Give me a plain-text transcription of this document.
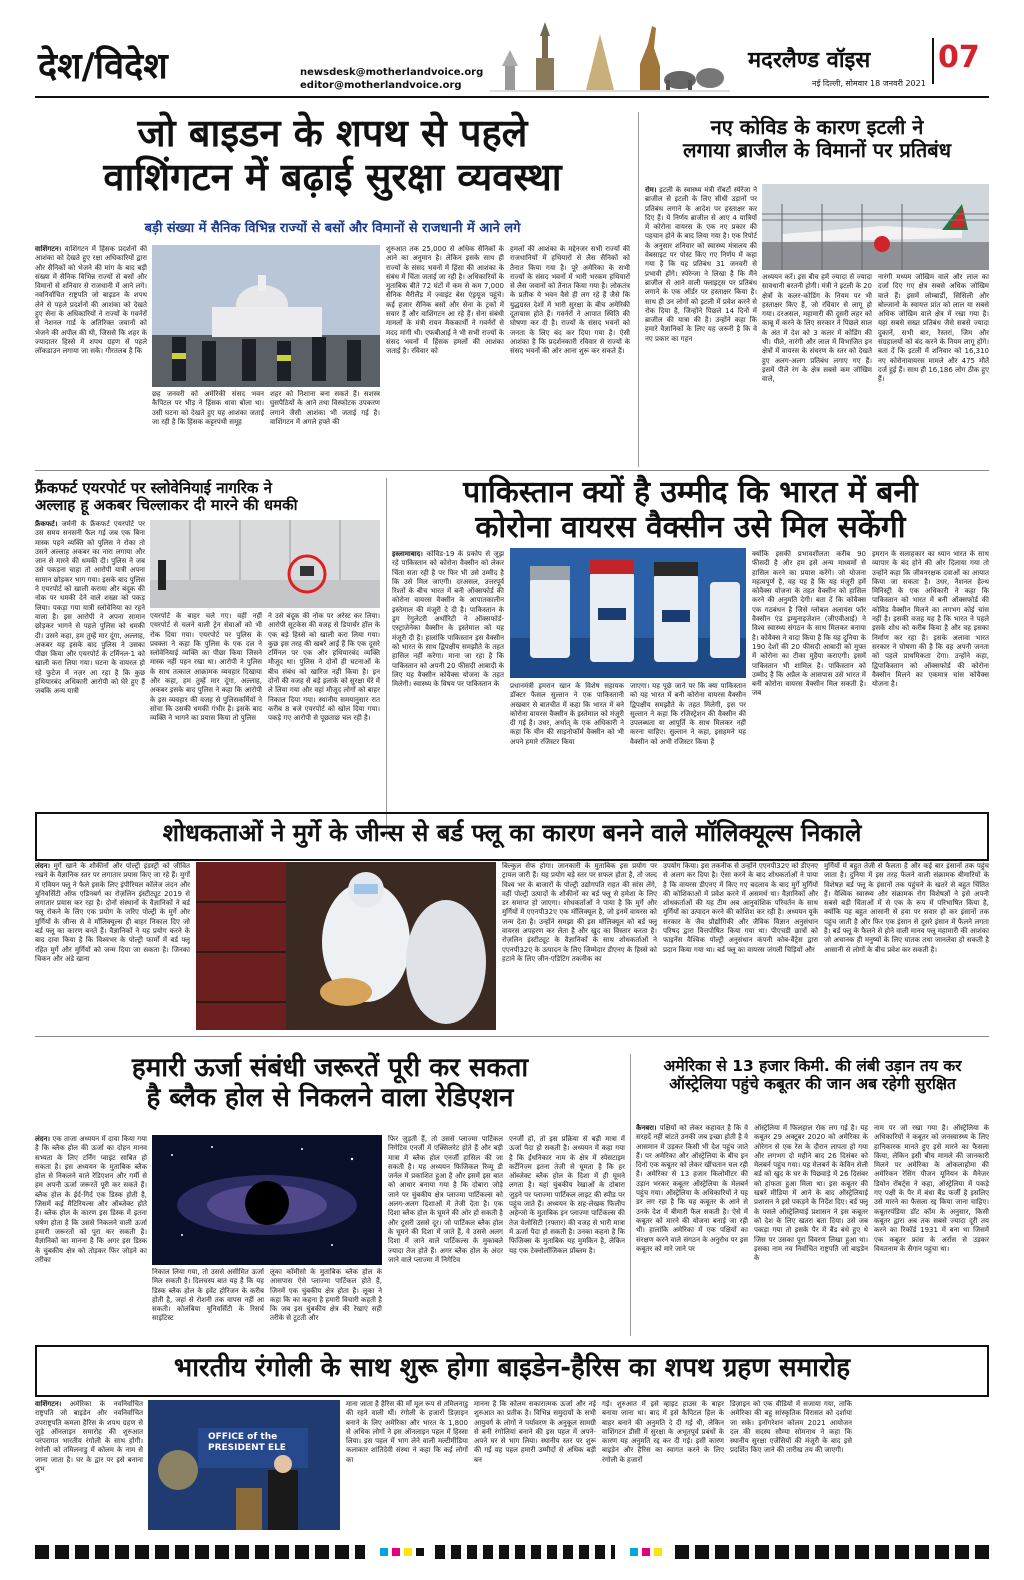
देश/विदेश	newsdesk@motherlandvoice.org
editor@motherlandvoice.org
मदरलैण्ड वॉइस 07
नई दिल्ली, सोमवार 18 जनवरी 2021
जो बाइडन के शपथ से पहले
वाशिंगटन में बढ़ाई सुरक्षा व्यवस्था
बड़ी संख्या में सैनिक विभिन्न राज्यों से बसों और विमानों से राजधानी में आने लगे
वाशिंगटन। वाशिंगटन में हिंसक प्रदर्शनों की आशंका को देखते हुए रक्षा अधिकारियों द्वारा और सैनिकों को भेजने की मांग के बाद बड़ी संख्या में सैनिक विभिन्न राज्यों से बसों और विमानों से शनिवार से राजधानी में आने लगे। नवनिर्वाचित राष्ट्रपति जो बाइडन के शपथ लेने से पहले प्रदर्शनों की आशंका को देखते हुए सेना के अधिकारियों ने राज्यों के गवर्नरों से नेशनल गार्ड के अतिरिक्त जवानों को भेजने की अपील की थी, जिससे कि शहर के ज्यादातर हिस्से में शपथ ग्रहण से पहले लॉकडाउन लगाया जा सके। गौरतलब है कि
छह जनवरी को अमेरिकी संसद भवन कैपिटल पर भीड़ ने हिंसक धावा बोला था। उसी घटना को देखते हुए यह आशंका जताई जा रही है कि हिंसक कट्टरपंथी समूह
शहर को निशाना बना सकते हैं। सशस्त्र घुसपैठियों के आने तथा विस्फोटक उपकरण लगाने जैसी आशंका भी जताई गई है। वाशिंगटन में अगले हफ्ते की
शुरुआत तक 25,000 से अधिक सैनिकों के आने का अनुमान है। लेकिन इसके साथ ही राज्यों के संसद भवनों में हिंसा की आशंका के संबंध में चिंता जताई जा रही है। अधिकारियों के मुताबिक बीते 72 घंटों में कम से कम 7,000 सैनिक मैरीलैंड में ज्वाइंट बेस एंड्रयूज पहुंचे। कई हजार सैनिक बसों और सेना के ट्रकों में सवार हैं और वाशिंगटन आ रहे हैं। सेना संबंधी मामलों के मंत्री रायन मैककार्थी ने गवर्नरों से मदद मांगी थी। एफबीआई ने भी सभी राज्यों के संसद भवनों में हिंसक हमलों की आशंका जताई है। रविवार को
हमलों की आशंका के मद्देनजर सभी राज्यों की राजधानियों में हथियारों से लैस सैनिकों को तैनात किया गया है। पूरे अमेरिका के सभी राज्यों के संसद भवनों में भारी भरकम हथियारों से लैस जवानों को तैनात किया गया है। लोकतंत्र के प्रतीक ये भवन वैसे ही लग रहे हैं जैसे कि युद्धग्रस्त देशों में भारी सुरक्षा के बीच अमेरिकी दूतावास होते हैं। गवर्नरों ने आपात स्थिति की घोषणा कर दी है। राज्यों के संसद भवनों को जनता के लिए बंद कर दिया गया है। ऐसी आशंका है कि प्रदर्शनकारी रविवार से राज्यों के संसद भवनों की ओर आना शुरू कर सकते हैं।
नए कोविड के कारण इटली ने
लगाया ब्राजील के विमानों पर प्रतिबंध
रोम। इटली के स्वास्थ्य मंत्री रॉबर्टो स्पेरेंजा ने ब्राजील से इटली के लिए सीधी उड़ानों पर प्रतिबंध लगाने के आदेश पर हस्ताक्षर कर दिए हैं। ये निर्णय ब्राजील से आए 4 यात्रियों में कोरोना वायरस के एक नए प्रकार की पहचान होने के बाद लिया गया है। एक रिपोर्ट के अनुसार शनिवार को स्वास्थ्य मंत्रालय की वेबसाइट पर पोस्ट किए गए निर्णय में कहा गया है कि यह प्रतिबंध 31 जनवरी से प्रभावी होंगे। स्पेरेन्जा ने लिखा है कि मैंने ब्राजील से आने वाली फ्लाइट्स पर प्रतिबंध लगाने के एक ऑर्डर पर हस्ताक्षर किया है। साथ ही उन लोगों को इटली में प्रवेश करने से रोक दिया है, जिन्होंने पिछले 14 दिनों में ब्राजील की यात्रा की है। उन्होंने कहा कि हमारे वैज्ञानिकों के लिए यह जरूरी है कि वे नए प्रकार का गहन
अध्ययन करें। इस बीच हमें ज्यादा से ज्यादा सावधानी बरतनी होगी। मंत्री ने इटली के 20 क्षेत्रों के कलर-कोडिंग के नियम पर भी हस्ताक्षर किए हैं, जो रविवार से लागू हो गया। दरअसल, महामारी की दूसरी लहर को काबू में करने के लिए सरकार ने पिछले साल के अंत में देश को 3 कलर में कोडिंग की थी। पीले, नारंगी और लाल में विभाजित इन क्षेत्रों में वायरस के संचरण के स्तर को देखते हुए अलग-अलग प्रतिबंध लगाए गए हैं। इसमें पीले रंग के क्षेत्र सबसे कम जोखिम वाले,
नारंगी मध्यम जोखिम वाले और लाल का दर्जा दिए गए क्षेत्र सबसे अधिक जोखिम वाले हैं। इसमें लोम्बार्डी, सिसिली और बोल्जानो के स्वायत्त प्रांत को लाल या सबसे अधिक जोखिम वाले क्षेत्र में रखा गया है। यहां सबसे सख्त प्रतिबंध जैसे सबसे ज्यादा दुकानें, सभी बार, रैस्तरां, जिम और संग्रहालयों को बंद करने के नियम लागू होंगे। बता दें कि इटली में शनिवार को 16,310 नए कोरोनावायरस मामले और 475 मौतें दर्ज हुई हैं। साथ ही 16,186 लोग ठीक हुए हैं।
फ्रैंकफर्ट एयरपोर्ट पर स्लोवेनियाई नागरिक ने
अल्लाह हू अकबर चिल्लाकर दी मारने की धमकी
फ्रैंकफर्ट। जर्मनी के फ्रैंकफर्ट एयरपोर्ट पर उस समय सनसनी फैल गई जब एक बिना मास्क पहने व्यक्ति को पुलिस ने रोका तो उसने अल्लाह अकबर का नारा लगाया और जान से मारने की धमकी दी। पुलिस ने जब उसे पकड़ना चाहा तो आरोपी यात्री अपना सामान छोड़कर भाग गया। इसके बाद पुलिस ने एयरपोर्ट को खाली कराया और बंदूक की नोक पर धमकी देने वाले शख्स को पकड़ लिया। पकड़ा गया यात्री स्लोवेनिया का रहने वाला है। इस आरोपी ने अपना सामान छोड़कर भागने से पहले पुलिस को धमकी दी। उसने कहा, हम तुम्हें मार दूंगा, अल्लाह, अकबर यह इसके बाद पुलिस ने उसका पीछा किया और एयरपोर्ट के टर्मिनल-1 को खाली करा लिया गया। घटना के वायरल हो रहे फुटेज में नज़र आ रहा है कि कुछ हथियारबंद अधिकारी आरोपी को घेरे हुए हैं जबकि अन्य यात्री
एयरपोर्ट के बाहर चले गए। वहीं नहीं एयरपोर्ट से चलने वाली ट्रेन सेवाओं को भी रोक दिया गया। एयरपोर्ट पर पुलिस के प्रवक्ता ने कहा कि पुलिस के एक दल ने स्लोवेनियाई व्यक्ति का पीछा किया जिसने मास्क नहीं पहन रखा था। आरोपी ने पुलिस के साथ तत्काल आक्रामक व्यवहार दिखाया और कहा, हम तुम्हें मार दूंगा, अल्लाह, अकबर इसके बाद पुलिस ने कहा कि आरोपी के इस व्यवहार की वजह से पुलिसकर्मियों ने सोचा कि उसकी धमकी गंभीर है। इसके बाद व्यक्ति ने भागने का प्रयास किया तो पुलिस
ने उसे बंदूक की नोक पर अरेस्ट कर लिया। आरोपी सूटकेस की वजह से डिपार्चर हॉल के एक बड़े हिस्से को खाली करा लिया गया। कुछ इस तरह की खबरें आईं हैं कि एक दूसरे टर्मिनल पर एक और हथियारबंद व्यक्ति मौजूद था। पुलिस ने दोनों ही घटनाओं के बीच संबंध को खारिज नहीं किया है। इन दोनों की वजह से बड़े इलाके को सुरक्षा घेरे में ले लिया गया और वहां मौजूद लोगों को बाहर निकाल दिया गया। स्थानीय समयानुसार रात करीब 8 बजे एयरपोर्ट को खोल दिया गया। पकड़े गए आरोपी से पूछताछ चल रही है।
पाकिस्तान क्यों है उम्मीद कि भारत में बनी
कोरोना वायरस वैक्सीन उसे मिल सकेंगी
इस्लामाबाद। कोविड-19 के प्रकोप से जूझ रहे पाकिस्तान को कोरोना वैक्सीन को लेकर चिंता सता रही है पर फिर भी उसे उम्मीद है कि उसे मिल जाएगी। दरअसल, उत्तरपूर्व रिश्तों के बीच भारत में बनी ऑक्सफोर्ड की कोरोना वायरस वैक्सीन के आपातकालीन इस्तेमाल की मंजूरी दे दी है। पाकिस्तान के ड्रग रेगुलेटरी अथॉरिटी ने ऑक्सफोर्ड-एस्ट्राजेनेका वैक्सीन के इस्तेमाल को यह मंजूरी दी है। हालांकि पाकिस्तान इस वैक्सीन को भारत के साथ द्विपक्षीय समझौते के तहत हासिल नहीं करेगा। माना जा रहा है कि पाकिस्तान को अपनी 20 फीसदी आबादी के लिए यह वैक्सीन कोवैक्स योजना के तहत मिलेगी। स्वास्थ्य के विषय पर पाकिस्तान के	प्रधानमंत्री इमरान खान के विशेष सहायक डॉक्टर फैसल सुल्तान ने एक पाकिस्तानी अखबार से बातचीत में कहा कि भारत में बने कोरोना वायरस वैक्सीन के इस्तेमाल को मंजूरी दी गई है। उधर, अर्थात् के एक अधिकारी ने कहा कि चीन की साइनोफॉर्म वैक्सीन को भी अपने हमारे रजिस्टर किया
जाएगा। यह पूछे जाने पर कि क्या पाकिस्तान को यह भारत में बनी कोरोना वायरस वैक्सीन द्विपक्षीय समझौते के तहत मिलेगी, इस पर सुल्तान ने कहा कि रजिस्ट्रेशन की वैक्सीन की उपलब्धता या आपूर्ति के साथ मिलकर नहीं करना चाहिए। सुल्तान ने कहा, इसहमने यह वैक्सीन को अभी रजिस्टर किया है
क्योंकि इसकी प्रभावशीलता करीब 90 फीसदी है और हम इसे अन्य माध्यमों से हासिल करने का प्रयास करेंगे। जो योजना महत्वपूर्ण है, वह यह है कि यह मंजूरी हमें कोवैक्स योजना के तहत वैक्सीन को हासिल करने की अनुमति देगी। बता दें कि कोवैक्स एक गठबंधन है जिसे ग्लोबल अलायंस फॉर वैक्सीन एंड इम्युनाइजेशन (जीएवीआई) ने विश्व स्वास्थ्य संगठन के साथ मिलकर बनाया है। कोवैक्स ने वादा किया है कि यह दुनिया के 190 देशों की 20 फीसदी आबादी को मुफ्त में कोरोना का टीका मुहैया कराएगी। इसमें पाकिस्तान भी शामिल है। पाकिस्तान को उम्मीद है कि अप्रैल के आसपास उसे भारत में बनी कोरोना वायरस वैक्सीन मिल सकती है। जब
इमरान के सलाहकार का ध्यान भारत के साथ व्यापार के बंद होने की ओर दिलाया गया तो उन्होंने कहा कि जीवनरक्षक दवाओं का आयात किया जा सकता है। उधर, नैशनल हेल्थ मिनिस्ट्री के एक अधिकारी ने कहा कि पाकिस्तान को भारत में बनी ऑक्सफोर्ड की कोविड वैक्सीन मिलने का लगभग कोई चांस नहीं है। इसकी वजह यह है कि भारत ने पहले इसके शोध को करीब किया है और वह इसका निर्माण कर रहा है। इसके अलावा भारत सरकार ने घोषणा की है कि वह अपनी जनता को पहले प्राथमिकता देगा। उन्होंने कहा, द्विपाकिस्तान को ऑक्सफोर्ड की कोरोना वैक्सीन मिलने का एकमात्र चांस कोवैक्स योजना है।
शोधकताओं ने मुर्गे के जीन्स से बर्ड फ्लू का कारण बनने वाले मॉलिक्यूल्स निकाले
लंदन। मुर्गे खाने के शौकीनों और पोल्ट्री इंडस्ट्री को जीवित रखने के वैज्ञानिक स्तर पर लगातार प्रयास किए जा रहे हैं। मुर्गों में एवियन फ्लू ने फैले इसके लिए इंपीरियल कॉलेज लंदन और यूनिवर्सिटी ऑफ एडिनबर्ग का रोज़लिन इंस्टीट्यूट 2019 से लगातार प्रयास कर रहा है। दोनों संस्थानों के वैज्ञानिकों ने बर्ड फ्लू रोकने के लिए एक प्रयोग के जरिए पोल्ट्री के मुर्गे और मुर्गियों के जीन्स से वे मॉलिक्यूल्स ही बाहर निकाल दिए जो बर्ड फ्लू का कारण बनते हैं। वैज्ञानिकों ने यह प्रयोग करने के बाद दावा किया है कि विश्वभर के पोल्ट्री फार्मों में बर्ड फ्लू रहित मुर्गे और मुर्गियों को जन्म दिया जा सकता है। जिनका चिकन और अंडे खाना
बिल्कुल सेफ होगा। जानकारी के मुताबिक इस प्रयोग पर ट्रायल जारी हैं। यह प्रयोग बड़े स्तर पर सफल होता है, तो जल्द विश्व भर के बाजारों के पोल्ट्री उद्योगपति राहत की सांस लेंगे, वहीं पोल्ट्री उत्पादों के शौकीनों का बर्ड फ्लू से हमेशा के लिए डर समाप्त हो जाएगा। शोधकर्ताओं ने पाया है कि मुर्गे और मुर्गियों में एएनपी32ए एक मॉलिक्यूल है, जो इनमें वायरस को जन्म देता है। उन्होंने समझा की इस मॉलिक्यूल को बर्ड फ्लू वायरस अपहरण कर लेता है और खुद का विस्तार करता है। रोज़लिन इंस्टीट्यूट के वैज्ञानिकों के साथ शोधकर्ताओं ने एएनपी32ए के उत्पादन के लिए जिम्मेदार डीएनए के हिस्से को हटाने के लिए जीन-एडिटिंग तकनीक का
उपयोग किया। इस तकनीक से उन्होंने एएनपी32ए को डीएनए से अलग कर दिया है। ऐसा करने के बाद शोधकर्ताओं ने पाया है कि वायरस डीएनए में किए गए बदलाव के बाद मुर्गे मुर्गियों की कोशिकाओं में प्रवेश करने में असमर्थ था। वैज्ञानिकों और शोधकर्ताओं की यह टीम अब आनुवांशिक परिवर्तन के साथ मुर्गियों का उत्पादन करने की कोशिश कर रही है। अध्ययन यूके सरकार के जैव प्रौद्योगिकी और जैविक विज्ञान अनुसंधान परिषद द्वारा वित्तपोषित किया गया था। पीएचडी छात्रों को फाइनेंस वैश्विक पोल्ट्री अनुसंधान कंपनी कोब-वैंट्रेस द्वारा प्रदान किया गया था। बर्ड फ्लू का वायरस जंगली चिड़ियों और
मुर्गियों में बहुत तेजी से फैलता है और कई बार इंसानों तक पहुंच जाता है। दुनिया में इस तरह फैलने वाली संक्रामक बीमारियों के विशेषज्ञ बर्ड फ्लू के इंसानों तक पहुंचने के खतरे से बहुत चिंतित हैं। वैश्विक स्वास्थ्य और संक्रामक रोग विशेषज्ञों ने इसे अपनी सबसे बड़ी चिंताओं में से एक के रूप में परिभाषित किया है, क्योंकि यह बहुत आसानी से हवा पर सवार हो कर इंसानों तक पहुंच जाती है और फिर एक इंसान से दूसरे इंसान में फैलने लगता है। बर्ड फ्लू के फैलने से होने वाली मानव फ्लू महामारी की आशंका जो अचानक ही मनुष्यों के लिए घातक तथा जानलेवा हो सकती है आसानी से लोगों के बीच प्रवेश कर सकती है।
हमारी ऊर्जा संबंधी जरूरतें पूरी कर सकता
है ब्लैक होल से निकलने वाला रेडिएशन
लंदन। एक ताजा अध्ययन में दावा किया गया है कि ब्लैक होल की ऊर्जा का दोहन मानव सभ्यता के लिए टर्निंग प्वाइंट साबित हो सकता है। इस अध्ययन के मुताबिक ब्लैक होल से निकलने वाले रेडिएशन और गर्मी से हम अपनी ऊर्जा जरूरतें पूरी कर सकते हैं। ब्लैक होल के ईर्द-गिर्द एक डिस्क होती है, जिसमें कई मैटिरियल्स और ऑब्जेक्ट होते हैं। ब्लैक होल के कारण इस डिस्क में इतना घर्षण होता है कि उससे निकलने वाली ऊर्जा हमारी जरूरतों को पूरा कर सकती है। वैज्ञानिकों का मानना है कि अगर इस डिस्क के चुंबकीय क्षेत्र को तोड़कर फिर जोड़ने का तरीका
निकाल लिया गया, तो उससे असीमित ऊर्जा मिल सकती है। दिलचस्प बात यह है कि यह डिस्क ब्लैक होल के इवेंट होरिजन के करीब होती है, जहां से रोशनी तक वापस नहीं आ सकती। कोलंबिया यूनिवर्सिटी के रिसर्च साइंटिस्ट
लूका कॉमीसो के मुताबिक ब्लैक होल के आसपास ऐसे प्लाज्मा पार्टिकल होते हैं, जिनमें एक चुंबकीय क्षेत्र होता है। लूका ने कहा कि का कहना है हमारी विचारी कहती है कि जब इस चुंबकीय क्षेत्र की रेखाएं सही तरीके से टूटती और
फिर जुड़ती हैं, तो उससे प्लाज्मा पार्टिकल निगेटिव एनर्जी में एक्सिलरेट होते हैं और बड़ी मात्रा में ब्लैक होल एनर्जी हासिल की जा सकती है। यह अध्ययन फिजिकल रिव्यू डी जर्नल में प्रकाशित हुआ है और इसमें इस बात को आधार बनाया गया है कि दोबारा जोड़े जाने पर चुंबकीय क्षेत्र प्लाज्मा पार्टिकल्स को अलग-अलग दिशाओं में तेजी देता है। एक दिशा ब्लैक होल के घूमने की ओर हो सकती है और दूसरी उससे दूर। जो पार्टिकल ब्लैक होल के घूमने की दिशा में जाते हैं, वे उससे अलग दिशा में जाने वाले पार्टिकल्स के मुकाबले ज्यादा तेज होते हैं। अगर ब्लैक होल के अंदर जाने वाले प्लाज्मा में निगेटिव
एनर्जी हो, तो इस प्रक्रिया से बड़ी मात्रा में ऊर्जा पैदा हो सकती है। अध्ययन में कहा गया है कि ईंधनिकार नाम के क्षेत्र में स्पेसटाइम कर्टेनिज्म इतना तेजी से घूमता है कि हर ऑब्जेक्ट ब्लैक होल के दिशा में ही घूमने लगता है। यहां चुंबकीय रेखाओं के दोबारा जुड़ने पर प्लाज्मा पार्टिकल लाइट की स्पीड पर पहुंच जाते हैं। अध्ययन के सह-लेखक फिलीप अहेन्जो के मुताबिक इन प्लाज्मा पार्टिकल्स की तेज वेलोसिटी (रफ्तार) की वजह से भारी मात्रा में ऊर्जा पैदा हो सकती है। उनका कहना है कि फिजिक्स के मुताबिक यह मुमकिन है, लेकिन यह एक टेक्नोलॉजिकल प्रॉब्लम है।
अमेरिका से 13 हजार किमी. की लंबी उड़ान तय कर
ऑस्ट्रेलिया पहुंचे कबूतर की जान अब रहेगी सुरक्षित
कैनबरा। पक्षियों को लेकर कहावत है कि वे सरहदें नहीं बांटते उनकी जब इच्छा होती है वे आसमान में उड़कर किसी भी देश पहुंच जाते हैं। पर अमेरिका और ऑस्ट्रेलिया के बीच इन दिनों एक कबूतर को लेकर खींचतान चल रही है। अमेरिका से 13 हजार किलोमीटर की उड़ान भरकर कबूतर ऑस्ट्रेलिया के मेलबर्न पहुंच गया। ऑस्ट्रेलिया के अधिकारियों ने यह डर लग रहा है कि यह कबूतर के आने से उनके देश में बीमारी फैल सकती है। ऐसे में कबूतर को मारने की योजना बनाई जा रही थी। हालांकि अमेरिका में एक पक्षियों का संरक्षण करने वाले संगठन के अनुरोध पर इस कबूतर को मारे जाने पर
ऑस्ट्रेलिया में फिलहाल रोक लग गई है। यह कबूतर 29 अक्टूबर 2020 को अमेरिका के ओरेगन से एक रेस के दौरान लापता हो गया और लगभग दो महीने बाद 26 दिसंबर को मेलबर्न पहुंच गया। यह मेलबर्न के केविन सेली बर्ड को खुद के घर के पिछवाड़े में 26 दिसंबर को हांफता हुआ मिला था। इस कबूतर की खबरें मीडिया में आने के बाद ऑस्ट्रेलियाई प्रशासन ने इसे पकड़ने के निर्देश दिए। बर्ड फ्लू के पसले ऑस्ट्रेलियाई प्रशासन ने इस कबूतर को देश के लिए खतरा बता दिया। उसे जब पकड़ा गया तो इसके पैर में बैंड बंधे हुए थे जिस पर उसका पूरा विवरण लिखा हुआ था। इसका नाम नव निर्वाचित राष्ट्रपति जो बाइडेन के
नाम पर जो रखा गया है। ऑस्ट्रेलिया के अधिकारियों ने कबूतर को जनस्वास्थ्य के लिए हानिकारक मानते हुए इसे मारने का फैसला किया, लेकिन इसी बीच मामले की जानकारी मिलने पर अमेरिका के ओकलाहोमा की अमेरिकन रेसिंग पीजन यूनियन के मैनेजर डियोन रॉबर्ट्स ने कहा, ऑस्ट्रेलिया में पकड़े गए पक्षी के पैर में बंधा बैंड फर्जी है इसलिए उसे मारने का फैसला रद्द किया जाना चाहिए। कबूतरपंडिया डॉट कॉम के अनुसार, किसी कबूतर द्वारा अब तक सबसे ज्यादा दूरी तय करने का रिकॉर्ड 1931 में बना था जिसमें एक कबूतर फ्रांस के अर्रास से उड़कर वियतनाम के सैगान पहुंचा था।
भारतीय रंगोली के साथ शुरू होगा बाइडेन-हैरिस का शपथ ग्रहण समारोह
वाशिंगटन। अमेरिका के नवनिर्वाचित राष्ट्रपति जो बाइडेन और नवनिर्वाचित उपराष्ट्रपति कमला हैरिस के शपथ ग्रहण से जुड़े ऑनलाइन समारोह की शुरुआत परंपरागत भारतीय रंगोली के साथ होगी। रंगोली को तमिलनाडु में कोलम के नाम से जाना जाता है। घर के द्वार पर इसे बनाना शुभ
OFFICE of the PRESIDENT ELE
माना जाता है हैरिस की माँ मूल रूप से तमिलनाडु की रहने वाली थीं। रंगोली के हजारों डिज़ाइन बनाने के लिए अमेरिका और भारत के 1,800 से अधिक लोगों ने इस ऑनलाइन पहल में हिस्सा लिया। इस पहल में भाग लेने वाली मल्टीमीडिया कलाकार शांतिदेवी संस्था ने कहा कि कई लोगों का
मानना है कि कोलम सकारात्मक ऊर्जा और नई शुरुआत का प्रतीक है। विभिन्न समुदायों के सभी आयुवर्ग के लोगों ने पर्यावरण के अनुकूल सामग्री से बनी रंगोलियां बनाने की इस पहल में अपने-अपने घर से भाग लिया। स्थानीय स्तर पर शुरू की गई यह पहल हमारी उम्मीदों से अधिक बड़ी बन
गई। शुरुआत में इसे व्हाइट हाउस के बाहर बनाया जाना था। बाद में इसे कैपिटल हिल के बाहर बनाने की अनुमति दे दी गई थी, लेकिन वाशिंगटन डीसी में सुरक्षा के अभूतपूर्व प्रबंधों के कारण यह अनुमति रद्द कर दी गई। इसी कारण बाइडेन और हैरिस का स्वागत करने के लिए रंगोली के हजारों
डिज़ाइन को एक वीडियो में सजाया गया, ताकि अमेरिका की बहु सांस्कृतिक विरासत को दर्शाया जा सके। इनॉगरेशन कोलम 2021 आयोजन दल की सदस्य सौम्या सोमनाथ ने कहा कि स्थानीय सुरक्षा एजेंसियों की मंजूरी के बाद इसे प्रदर्शित किए जाने की तारीख तय की जाएगी।
